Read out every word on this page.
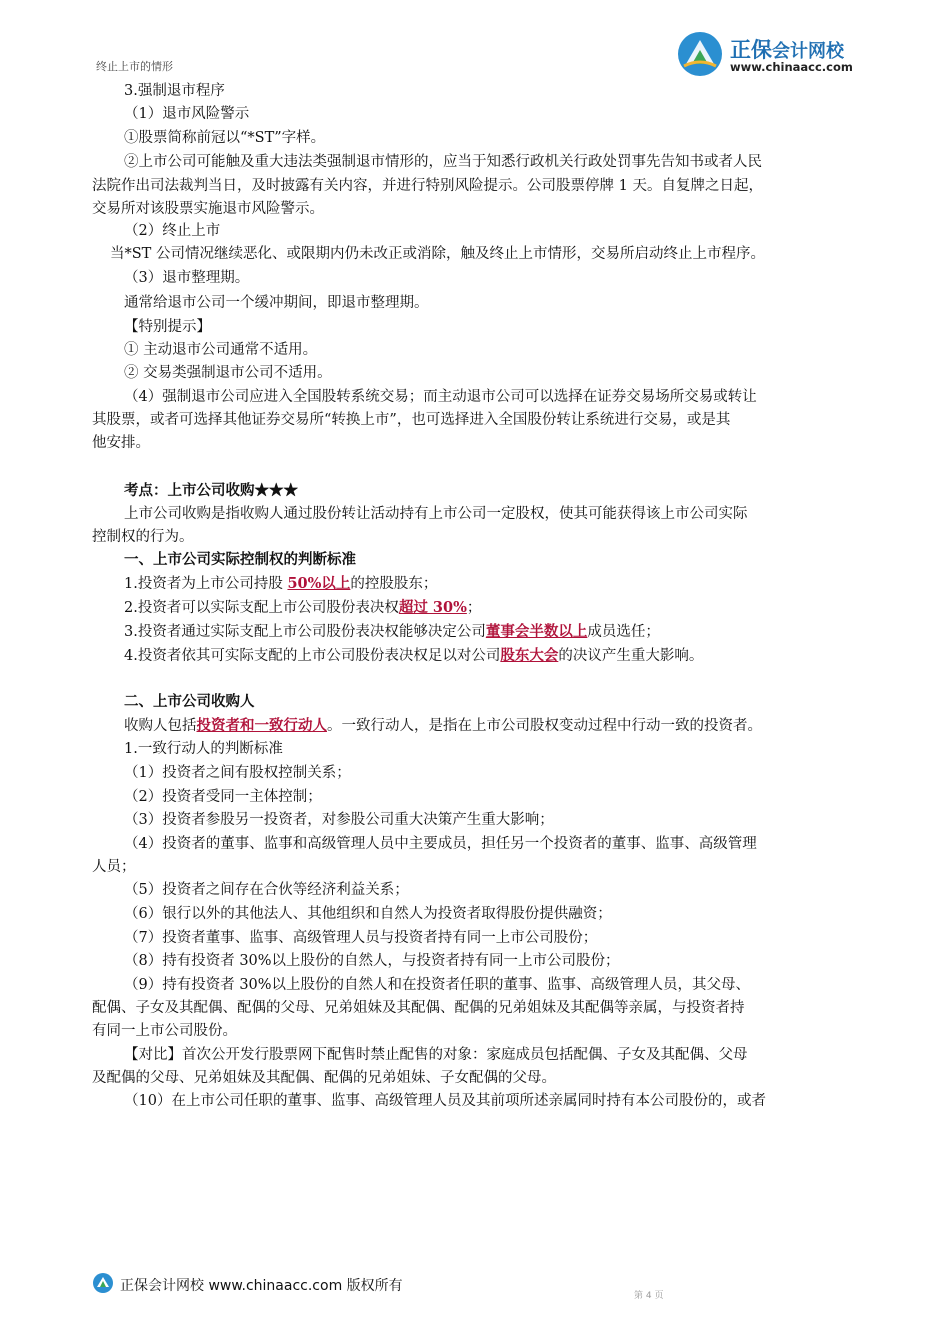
正保会计网校
www.chinaacc.com
终止上市的情形
3.强制退市程序
（1）退市风险警示
①股票简称前冠以“*ST”字样。
②上市公司可能触及重大违法类强制退市情形的，应当于知悉行政机关行政处罚事先告知书或者人民
法院作出司法裁判当日，及时披露有关内容，并进行特别风险提示。公司股票停牌 1 天。自复牌之日起，
交易所对该股票实施退市风险警示。
（2）终止上市
当*ST 公司情况继续恶化、或限期内仍未改正或消除，触及终止上市情形，交易所启动终止上市程序。
（3）退市整理期。
通常给退市公司一个缓冲期间，即退市整理期。
【特别提示】
① 主动退市公司通常不适用。
② 交易类强制退市公司不适用。
（4）强制退市公司应进入全国股转系统交易；而主动退市公司可以选择在证券交易场所交易或转让
其股票，或者可选择其他证券交易所“转换上市”，也可选择进入全国股份转让系统进行交易，或是其
他安排。
考点：上市公司收购★★★
上市公司收购是指收购人通过股份转让活动持有上市公司一定股权，使其可能获得该上市公司实际
控制权的行为。
一、上市公司实际控制权的判断标准
1.投资者为上市公司持股 50%以上的控股股东；
2.投资者可以实际支配上市公司股份表决权超过 30%；
3.投资者通过实际支配上市公司股份表决权能够决定公司董事会半数以上成员选任；
4.投资者依其可实际支配的上市公司股份表决权足以对公司股东大会的决议产生重大影响。
二、上市公司收购人
收购人包括投资者和一致行动人。一致行动人，是指在上市公司股权变动过程中行动一致的投资者。
1.一致行动人的判断标准
（1）投资者之间有股权控制关系；
（2）投资者受同一主体控制；
（3）投资者参股另一投资者，对参股公司重大决策产生重大影响；
（4）投资者的董事、监事和高级管理人员中主要成员，担任另一个投资者的董事、监事、高级管理
人员；
（5）投资者之间存在合伙等经济利益关系；
（6）银行以外的其他法人、其他组织和自然人为投资者取得股份提供融资；
（7）投资者董事、监事、高级管理人员与投资者持有同一上市公司股份；
（8）持有投资者 30%以上股份的自然人，与投资者持有同一上市公司股份；
（9）持有投资者 30%以上股份的自然人和在投资者任职的董事、监事、高级管理人员，其父母、
配偶、子女及其配偶、配偶的父母、兄弟姐妹及其配偶、配偶的兄弟姐妹及其配偶等亲属，与投资者持
有同一上市公司股份。
【对比】首次公开发行股票网下配售时禁止配售的对象：家庭成员包括配偶、子女及其配偶、父母
及配偶的父母、兄弟姐妹及其配偶、配偶的兄弟姐妹、子女配偶的父母。
（10）在上市公司任职的董事、监事、高级管理人员及其前项所述亲属同时持有本公司股份的，或者
正保会计网校 www.chinaacc.com 版权所有
第 4 页
